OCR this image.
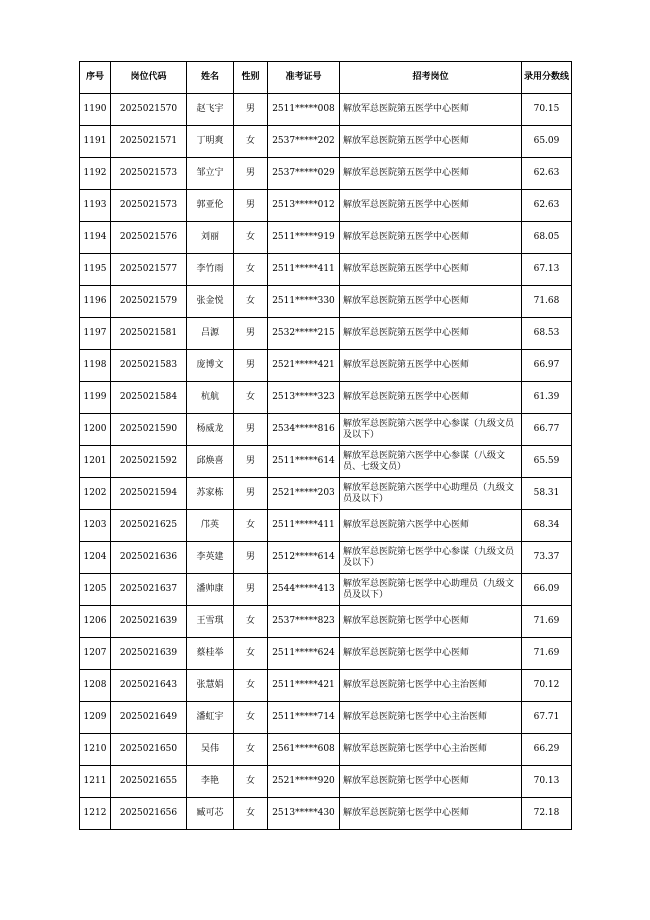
序号	岗位代码	姓名	性别	准考证号	招考岗位	录用分数线
1190	2025021570	赵飞宇	男	2511*****008	解放军总医院第五医学中心医师	70.15
1191	2025021571	丁明爽	女	2537*****202	解放军总医院第五医学中心医师	65.09
1192	2025021573	邹立宁	男	2537*****029	解放军总医院第五医学中心医师	62.63
1193	2025021573	郭亚伦	男	2513*****012	解放军总医院第五医学中心医师	62.63
1194	2025021576	刘丽	女	2511*****919	解放军总医院第五医学中心医师	68.05
1195	2025021577	李竹雨	女	2511*****411	解放军总医院第五医学中心医师	67.13
1196	2025021579	张金悦	女	2511*****330	解放军总医院第五医学中心医师	71.68
1197	2025021581	吕源	男	2532*****215	解放军总医院第五医学中心医师	68.53
1198	2025021583	庞博文	男	2521*****421	解放军总医院第五医学中心医师	66.97
1199	2025021584	杭航	女	2513*****323	解放军总医院第五医学中心医师	61.39
1200	2025021590	杨威龙	男	2534*****816	解放军总医院第六医学中心参谋（九级文员及以下）	66.77
1201	2025021592	邱焕喜	男	2511*****614	解放军总医院第六医学中心参谋（八级文员、七级文员）	65.59
1202	2025021594	苏家栋	男	2521*****203	解放军总医院第六医学中心助理员（九级文员及以下）	58.31
1203	2025021625	邝英	女	2511*****411	解放军总医院第六医学中心医师	68.34
1204	2025021636	李英建	男	2512*****614	解放军总医院第七医学中心参谋（九级文员及以下）	73.37
1205	2025021637	潘帅康	男	2544*****413	解放军总医院第七医学中心助理员（九级文员及以下）	66.09
1206	2025021639	王雪琪	女	2537*****823	解放军总医院第七医学中心医师	71.69
1207	2025021639	蔡桂举	女	2511*****624	解放军总医院第七医学中心医师	71.69
1208	2025021643	张慧娟	女	2511*****421	解放军总医院第七医学中心主治医师	70.12
1209	2025021649	潘虹宇	女	2511*****714	解放军总医院第七医学中心主治医师	67.71
1210	2025021650	吴伟	女	2561*****608	解放军总医院第七医学中心主治医师	66.29
1211	2025021655	李艳	女	2521*****920	解放军总医院第七医学中心医师	70.13
1212	2025021656	臧可芯	女	2513*****430	解放军总医院第七医学中心医师	72.18
